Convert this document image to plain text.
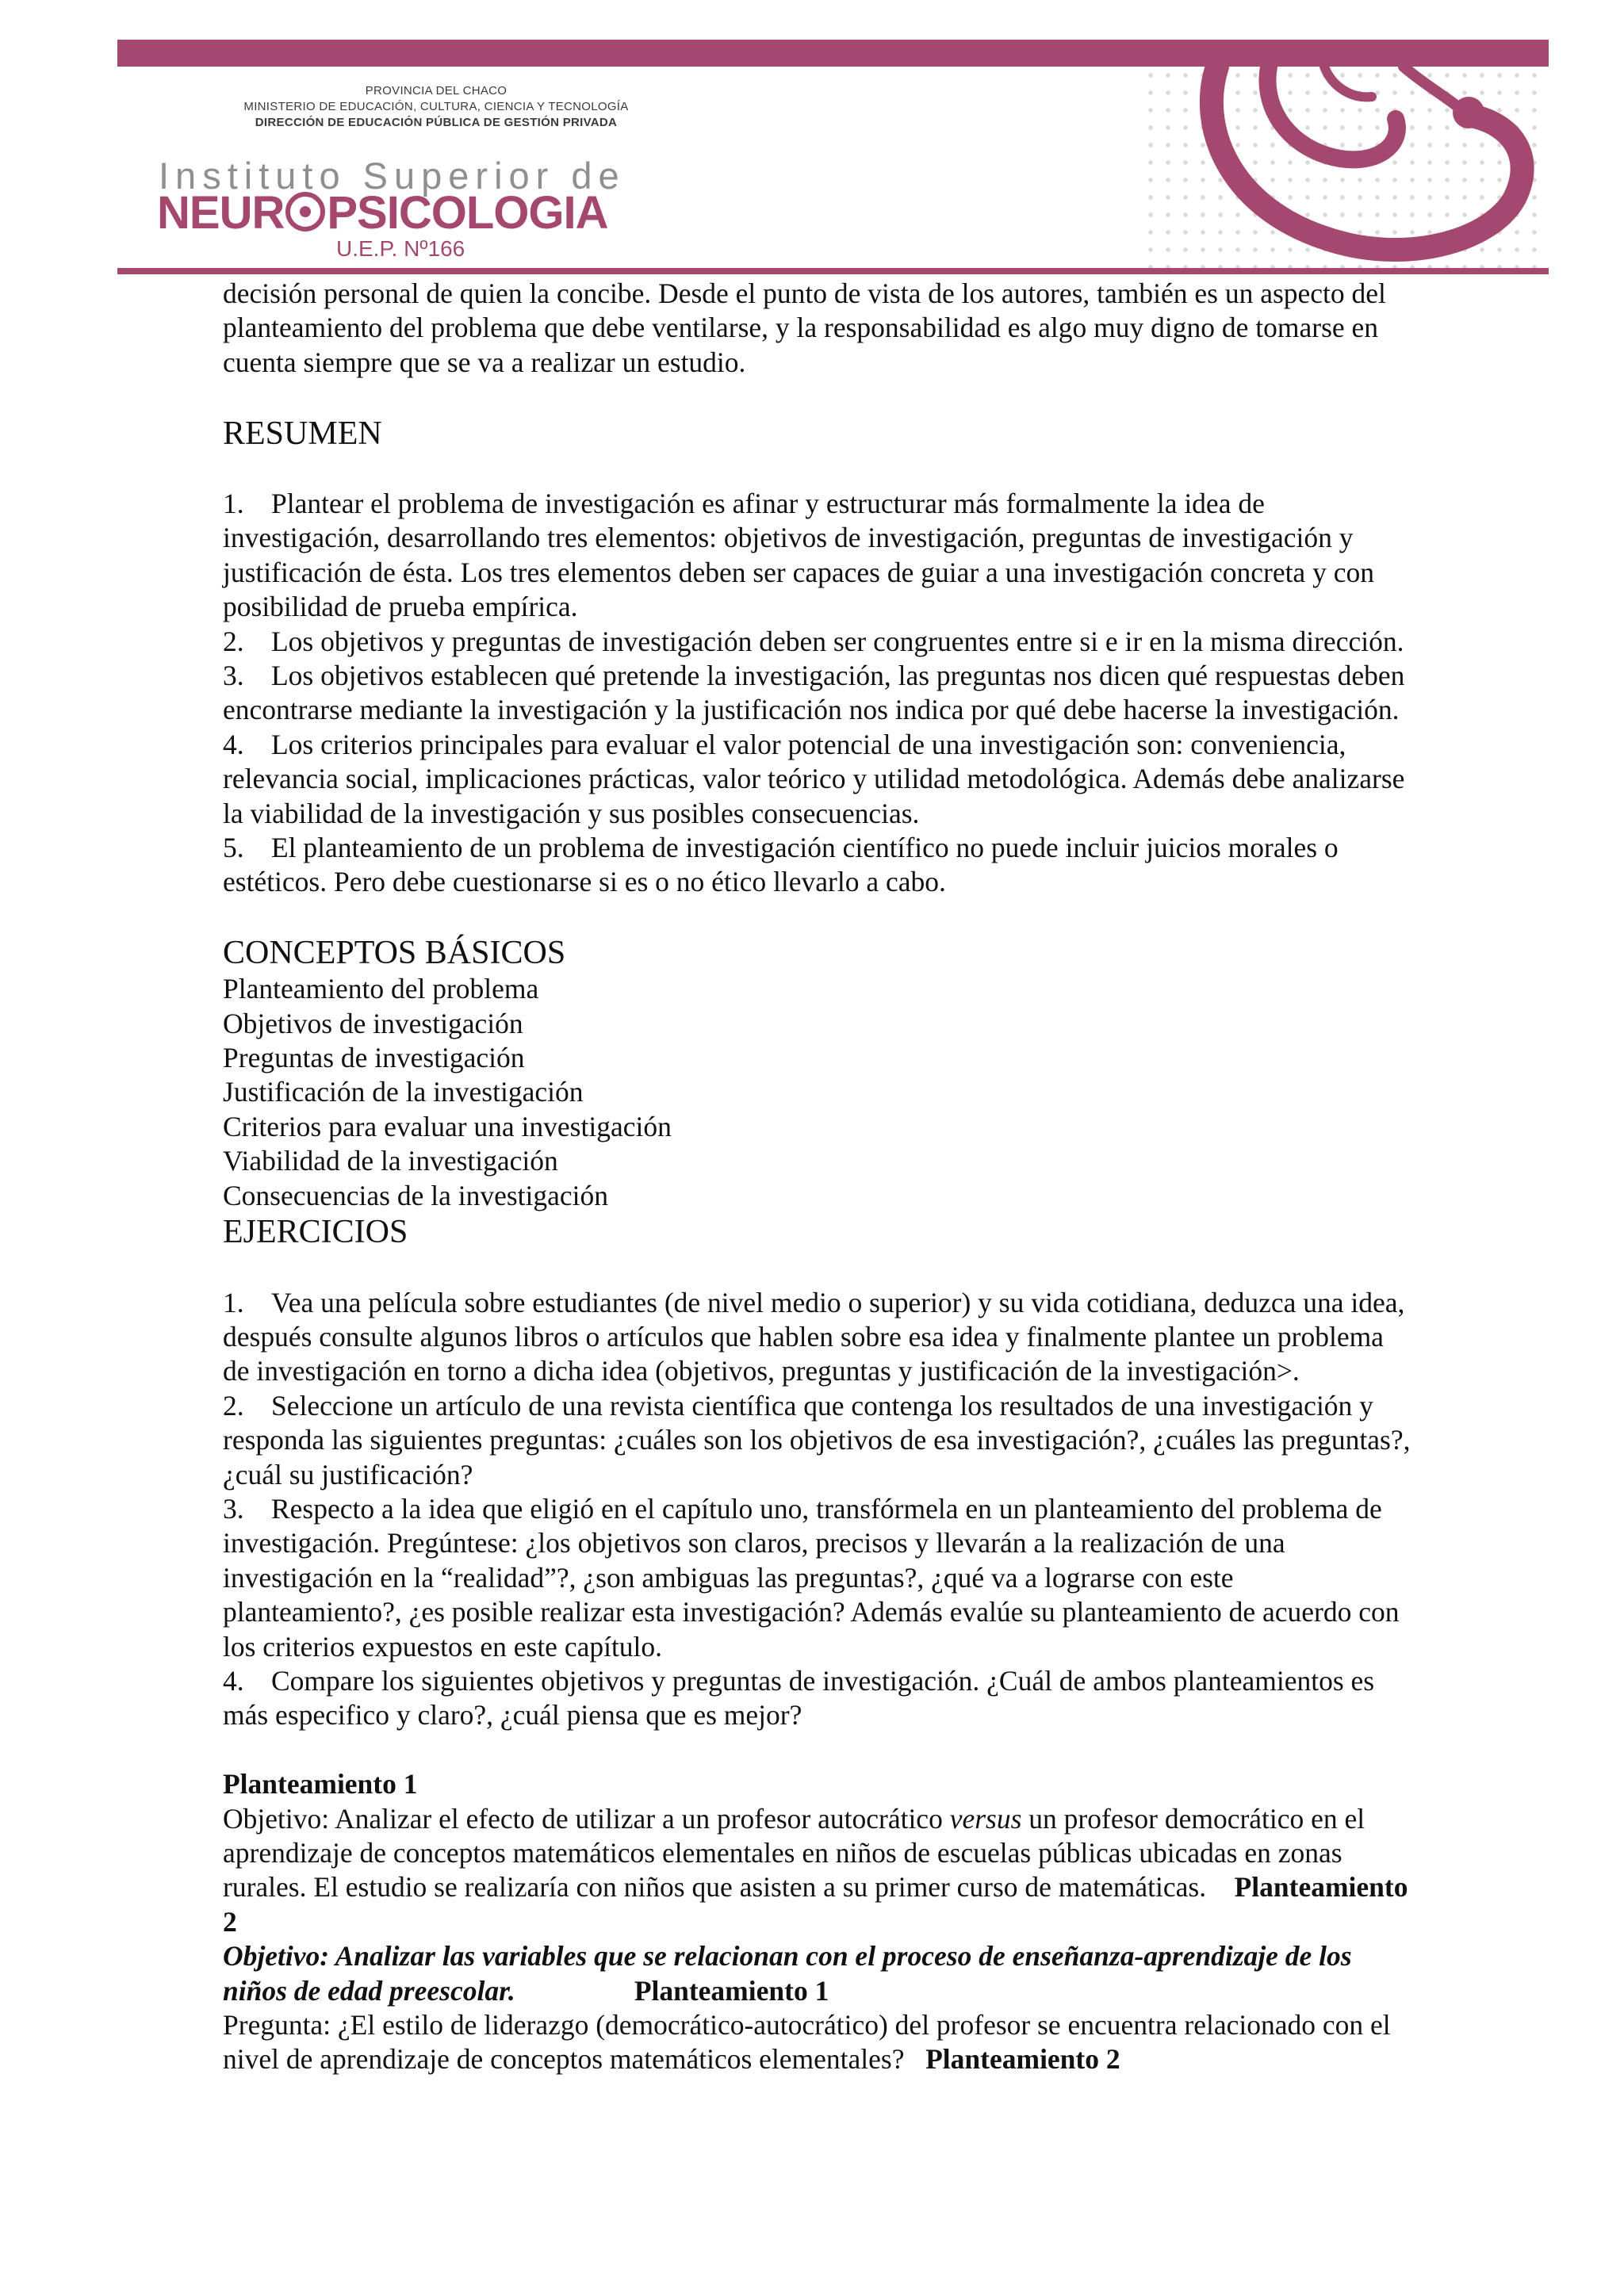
PROVINCIA DEL CHACO
MINISTERIO DE EDUCACIÓN, CULTURA, CIENCIA Y TECNOLOGÍA
DIRECCIÓN DE EDUCACIÓN PÚBLICA DE GESTIÓN PRIVADA
Instituto Superior de
NEUR PSICOLOGIA
U.E.P. Nº166

decisión personal de quien la concibe. Desde el punto de vista de los autores, también es un aspecto del

planteamiento del problema que debe ventilarse, y la responsabilidad es algo muy digno de tomarse en

cuenta siempre que se va a realizar un estudio.

RESUMEN

1. Plantear el problema de investigación es afinar y estructurar más formalmente la idea de

investigación, desarrollando tres elementos: objetivos de investigación, preguntas de investigación y

justificación de ésta. Los tres elementos deben ser capaces de guiar a una investigación concreta y con

posibilidad de prueba empírica.

2. Los objetivos y preguntas de investigación deben ser congruentes entre si e ir en la misma dirección.

3. Los objetivos establecen qué pretende la investigación, las preguntas nos dicen qué respuestas deben

encontrarse mediante la investigación y la justificación nos indica por qué debe hacerse la investigación.

4. Los criterios principales para evaluar el valor potencial de una investigación son: conveniencia,

relevancia social, implicaciones prácticas, valor teórico y utilidad metodológica. Además debe analizarse

la viabilidad de la investigación y sus posibles consecuencias.

5. El planteamiento de un problema de investigación científico no puede incluir juicios morales o

estéticos. Pero debe cuestionarse si es o no ético llevarlo a cabo.

CONCEPTOS BÁSICOS

Planteamiento del problema

Objetivos de investigación

Preguntas de investigación

Justificación de la investigación

Criterios para evaluar una investigación

Viabilidad de la investigación

Consecuencias de la investigación

EJERCICIOS

1. Vea una película sobre estudiantes (de nivel medio o superior) y su vida cotidiana, deduzca una idea,

después consulte algunos libros o artículos que hablen sobre esa idea y finalmente plantee un problema

de investigación en torno a dicha idea (objetivos, preguntas y justificación de la investigación>.

2. Seleccione un artículo de una revista científica que contenga los resultados de una investigación y

responda las siguientes preguntas: ¿cuáles son los objetivos de esa investigación?, ¿cuáles las preguntas?,

¿cuál su justificación?

3. Respecto a la idea que eligió en el capítulo uno, transfórmela en un planteamiento del problema de

investigación. Pregúntese: ¿los objetivos son claros, precisos y llevarán a la realización de una

investigación en la “realidad”?, ¿son ambiguas las preguntas?, ¿qué va a lograrse con este

planteamiento?, ¿es posible realizar esta investigación? Además evalúe su planteamiento de acuerdo con

los criterios expuestos en este capítulo.

4. Compare los siguientes objetivos y preguntas de investigación. ¿Cuál de ambos planteamientos es

más especifico y claro?, ¿cuál piensa que es mejor?

Planteamiento 1

Objetivo: Analizar el efecto de utilizar a un profesor autocrático versus un profesor democrático en el

aprendizaje de conceptos matemáticos elementales en niños de escuelas públicas ubicadas en zonas

rurales. El estudio se realizaría con niños que asisten a su primer curso de matemáticas. Planteamiento

2

Objetivo: Analizar las variables que se relacionan con el proceso de enseñanza-aprendizaje de los

niños de edad preescolar.	Planteamiento 1

Pregunta: ¿El estilo de liderazgo (democrático-autocrático) del profesor se encuentra relacionado con el

nivel de aprendizaje de conceptos matemáticos elementales? Planteamiento 2
